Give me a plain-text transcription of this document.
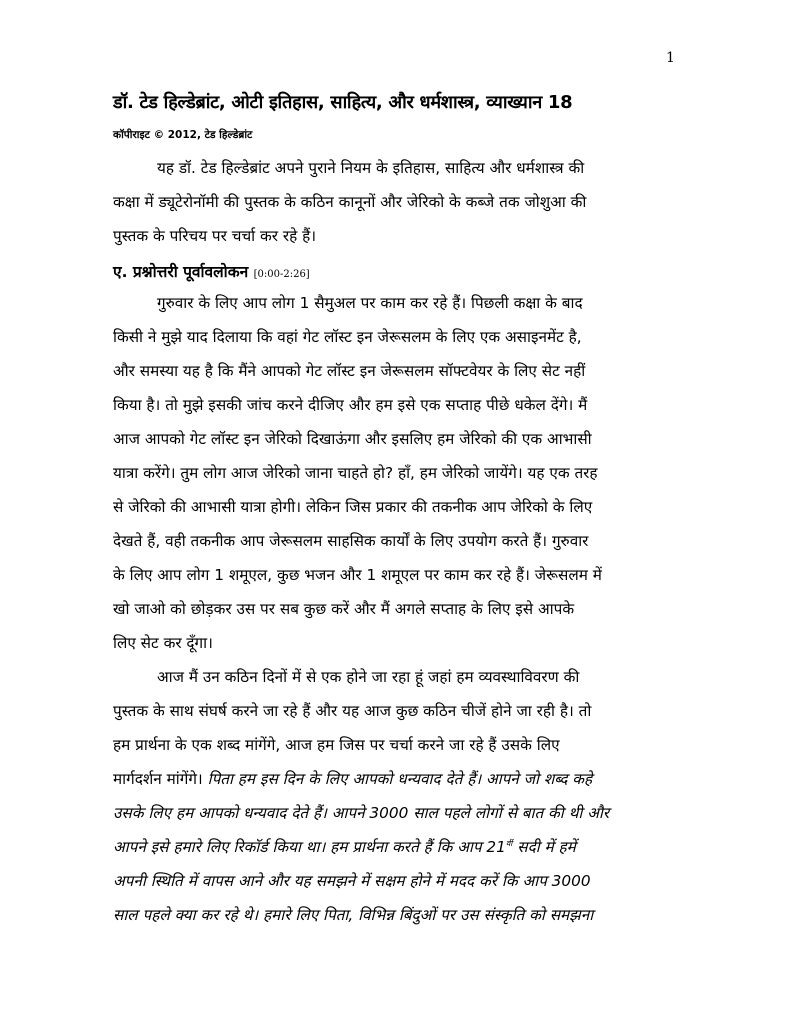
1
डॉ. टेड हिल्डेब्रांट, ओटी इतिहास, साहित्य, और धर्मशास्त्र, व्याख्यान 18
कॉपीराइट © 2012, टेड हिल्डेब्रांट
यह डॉ. टेड हिल्डेब्रांट अपने पुराने नियम के इतिहास, साहित्य और धर्मशास्त्र की
कक्षा में ड्यूटेरोनॉमी की पुस्तक के कठिन कानूनों और जेरिको के कब्जे तक जोशुआ की
पुस्तक के परिचय पर चर्चा कर रहे हैं।
ए. प्रश्नोत्तरी पूर्वावलोकन [0:00-2:26]
गुरुवार के लिए आप लोग 1 सैमुअल पर काम कर रहे हैं। पिछली कक्षा के बाद
किसी ने मुझे याद दिलाया कि वहां गेट लॉस्ट इन जेरूसलम के लिए एक असाइनमेंट है,
और समस्या यह है कि मैंने आपको गेट लॉस्ट इन जेरूसलम सॉफ्टवेयर के लिए सेट नहीं
किया है। तो मुझे इसकी जांच करने दीजिए और हम इसे एक सप्ताह पीछे धकेल देंगे। मैं
आज आपको गेट लॉस्ट इन जेरिको दिखाऊंगा और इसलिए हम जेरिको की एक आभासी
यात्रा करेंगे। तुम लोग आज जेरिको जाना चाहते हो? हाँ, हम जेरिको जायेंगे। यह एक तरह
से जेरिको की आभासी यात्रा होगी। लेकिन जिस प्रकार की तकनीक आप जेरिको के लिए
देखते हैं, वही तकनीक आप जेरूसलम साहसिक कार्यों के लिए उपयोग करते हैं। गुरुवार
के लिए आप लोग 1 शमूएल, कुछ भजन और 1 शमूएल पर काम कर रहे हैं। जेरूसलम में
खो जाओ को छोड़कर उस पर सब कुछ करें और मैं अगले सप्ताह के लिए इसे आपके
लिए सेट कर दूँगा।
आज मैं उन कठिन दिनों में से एक होने जा रहा हूं जहां हम व्यवस्थाविवरण की
पुस्तक के साथ संघर्ष करने जा रहे हैं और यह आज कुछ कठिन चीजें होने जा रही है। तो
हम प्रार्थना के एक शब्द मांगेंगे, आज हम जिस पर चर्चा करने जा रहे हैं उसके लिए
मार्गदर्शन मांगेंगे। पिता हम इस दिन के लिए आपको धन्यवाद देते हैं। आपने जो शब्द कहे
उसके लिए हम आपको धन्यवाद देते हैं। आपने 3000 साल पहले लोगों से बात की थी और
आपने इसे हमारे लिए रिकॉर्ड किया था। हम प्रार्थना करते हैं कि आप $21^{वीं}$ सदी में हमें
अपनी स्थिति में वापस आने और यह समझने में सक्षम होने में मदद करें कि आप 3000
साल पहले क्या कर रहे थे। हमारे लिए पिता, विभिन्न बिंदुओं पर उस संस्कृति को समझना
